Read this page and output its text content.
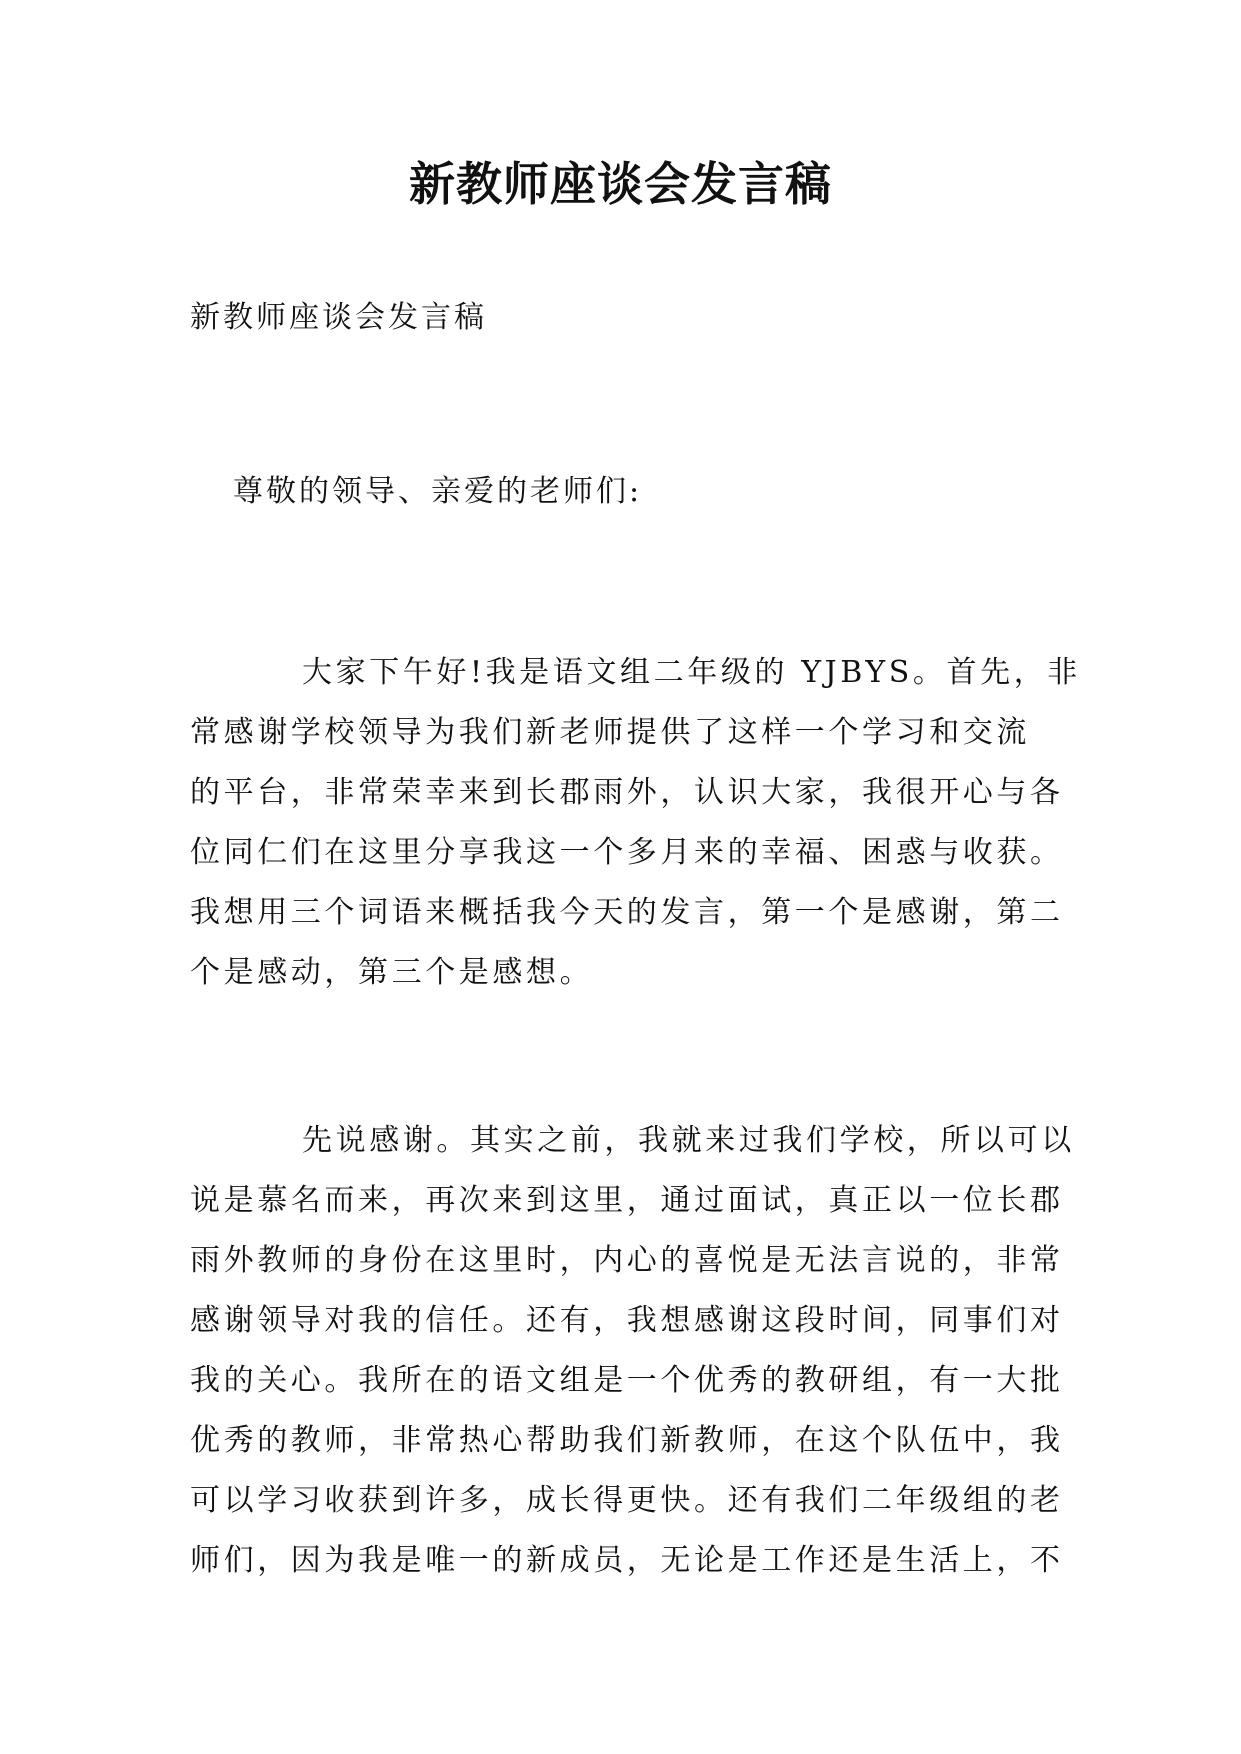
新教师座谈会发言稿

新教师座谈会发言稿

尊敬的领导、亲爱的老师们:

大家下午好!我是语文组二年级的 YJBYS。首先，非
常感谢学校领导为我们新老师提供了这样一个学习和交流
的平台，非常荣幸来到长郡雨外，认识大家，我很开心与各
位同仁们在这里分享我这一个多月来的幸福、困惑与收获。
我想用三个词语来概括我今天的发言，第一个是感谢，第二
个是感动，第三个是感想。
先说感谢。其实之前，我就来过我们学校，所以可以
说是慕名而来，再次来到这里，通过面试，真正以一位长郡
雨外教师的身份在这里时，内心的喜悦是无法言说的，非常
感谢领导对我的信任。还有，我想感谢这段时间，同事们对
我的关心。我所在的语文组是一个优秀的教研组，有一大批
优秀的教师，非常热心帮助我们新教师，在这个队伍中，我
可以学习收获到许多，成长得更快。还有我们二年级组的老
师们，因为我是唯一的新成员，无论是工作还是生活上，不
